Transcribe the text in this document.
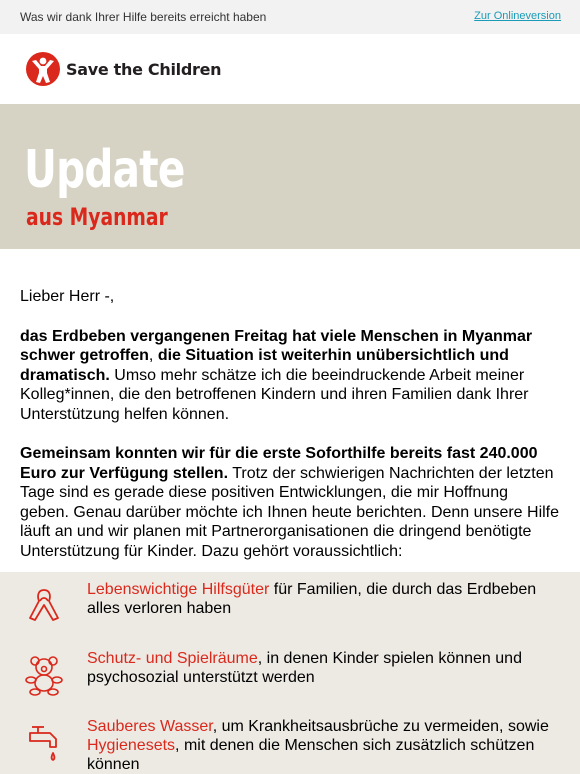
Was wir dank Ihrer Hilfe bereits erreicht haben	Zur Onlineversion
Save the Children
Update
aus Myanmar

Lieber Herr -,

das Erdbeben vergangenen Freitag hat viele Menschen in Myanmar schwer getroffen, die Situation ist weiterhin unübersichtlich und dramatisch. Umso mehr schätze ich die beeindruckende Arbeit meiner Kolleg*innen, die den betroffenen Kindern und ihren Familien dank Ihrer Unterstützung helfen können.

Gemeinsam konnten wir für die erste Soforthilfe bereits fast 240.000 Euro zur Verfügung stellen. Trotz der schwierigen Nachrichten der letzten Tage sind es gerade diese positiven Entwicklungen, die mir Hoffnung geben. Genau darüber möchte ich Ihnen heute berichten. Denn unsere Hilfe läuft an und wir planen mit Partnerorganisationen die dringend benötigte Unterstützung für Kinder. Dazu gehört voraussichtlich:

Lebenswichtige Hilfsgüter für Familien, die durch das Erdbeben alles verloren haben
Schutz- und Spielräume, in denen Kinder spielen können und psychosozial unterstützt werden
Sauberes Wasser, um Krankheitsausbrüche zu vermeiden, sowie Hygienesets, mit denen die Menschen sich zusätzlich schützen können
